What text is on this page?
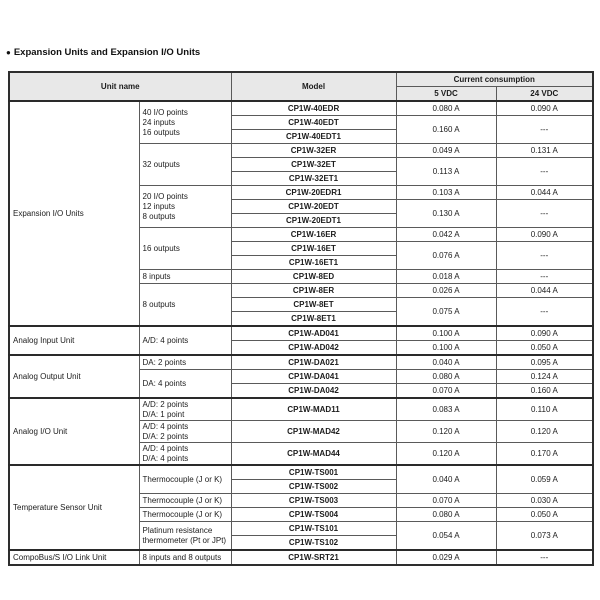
● Expansion Units and Expansion I/O Units
Unit name		Model	Current consumption	
			5 VDC	24 VDC
Expansion I/O Units	40 I/O points
24 inputs
16 outputs	CP1W-40EDR	0.080 A	0.090 A
		CP1W-40EDT	0.160 A	---
		CP1W-40EDT1		

	32 outputs	CP1W-32ER	0.049 A	0.131 A
		CP1W-32ET	0.113 A	---
		CP1W-32ET1		

	20 I/O points
12 inputs
8 outputs	CP1W-20EDR1	0.103 A	0.044 A
		CP1W-20EDT	0.130 A	---
		CP1W-20EDT1		

	16 outputs	CP1W-16ER	0.042 A	0.090 A
		CP1W-16ET	0.076 A	---
		CP1W-16ET1		

	8 inputs	CP1W-8ED	0.018 A	---

	8 outputs	CP1W-8ER	0.026 A	0.044 A
		CP1W-8ET	0.075 A	---
		CP1W-8ET1		
Analog Input Unit	A/D: 4 points	CP1W-AD041	0.100 A	0.090 A
		CP1W-AD042	0.100 A	0.050 A
Analog Output Unit	DA: 2 points	CP1W-DA021	0.040 A	0.095 A

	DA: 4 points	CP1W-DA041	0.080 A	0.124 A
		CP1W-DA042	0.070 A	0.160 A
Analog I/O Unit	A/D: 2 points
D/A: 1 point	CP1W-MAD11	0.083 A	0.110 A

	A/D: 4 points
D/A: 2 points	CP1W-MAD42	0.120 A	0.120 A

	A/D: 4 points
D/A: 4 points	CP1W-MAD44	0.120 A	0.170 A
Temperature Sensor Unit	Thermocouple (J or K)	CP1W-TS001	0.040 A	0.059 A
		CP1W-TS002		

	Thermocouple (J or K)	CP1W-TS003	0.070 A	0.030 A

	Thermocouple (J or K)	CP1W-TS004	0.080 A	0.050 A

	Platinum resistance
thermometer (Pt or JPt)	CP1W-TS101	0.054 A	0.073 A
		CP1W-TS102		
CompoBus/S I/O Link Unit	8 inputs and 8 outputs	CP1W-SRT21	0.029 A	---
